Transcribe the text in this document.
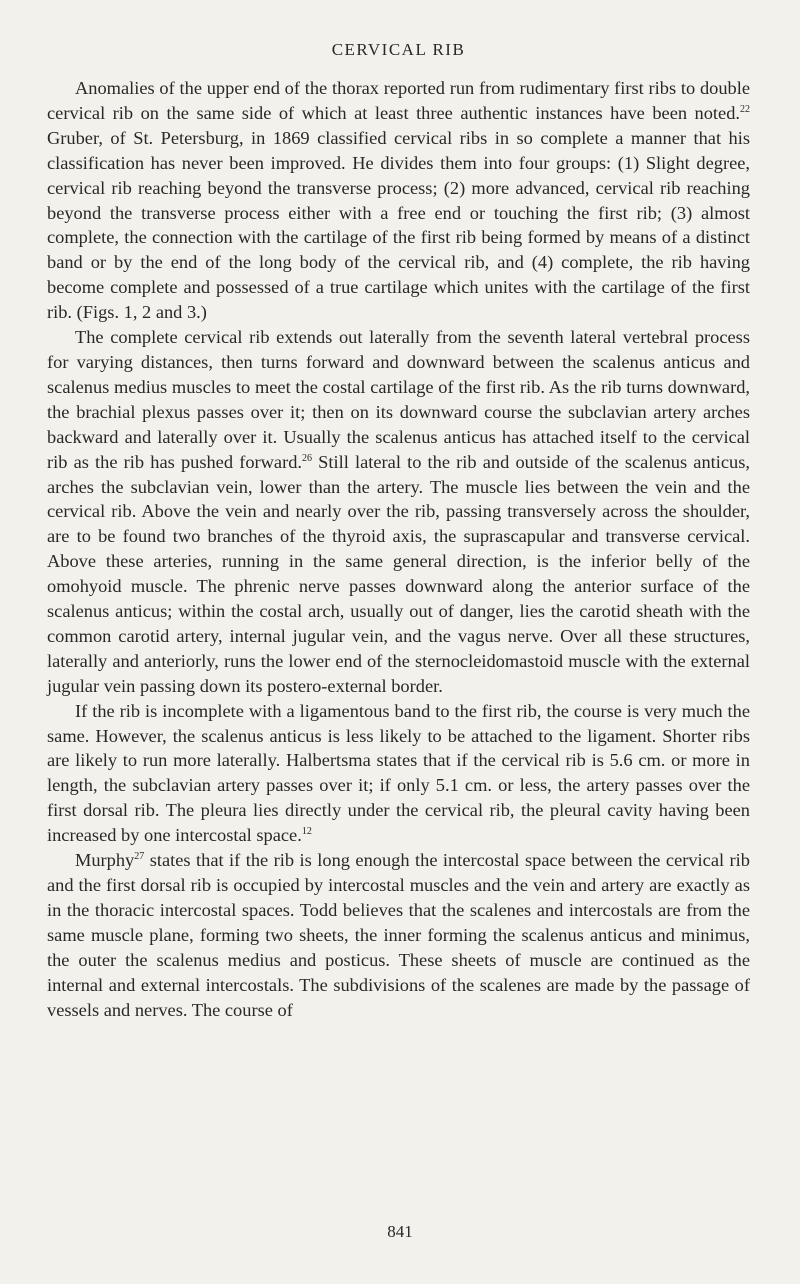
CERVICAL RIB

Anomalies of the upper end of the thorax reported run from rudimentary first ribs to double cervical rib on the same side of which at least three authentic instances have been noted.$^{22}$ Gruber, of St. Petersburg, in 1869 classified cervical ribs in so complete a manner that his classification has never been improved. He divides them into four groups: (1) Slight degree, cervical rib reaching beyond the transverse process; (2) more advanced, cervical rib reaching beyond the transverse process either with a free end or touching the first rib; (3) almost complete, the connection with the cartilage of the first rib being formed by means of a distinct band or by the end of the long body of the cervical rib, and (4) complete, the rib having become complete and possessed of a true cartilage which unites with the cartilage of the first rib. (Figs. 1, 2 and 3.)

The complete cervical rib extends out laterally from the seventh lateral vertebral process for varying distances, then turns forward and downward between the scalenus anticus and scalenus medius muscles to meet the costal cartilage of the first rib. As the rib turns downward, the brachial plexus passes over it; then on its downward course the subclavian artery arches backward and laterally over it. Usually the scalenus anticus has attached itself to the cervical rib as the rib has pushed forward.$^{26}$ Still lateral to the rib and outside of the scalenus anticus, arches the subclavian vein, lower than the artery. The muscle lies between the vein and the cervical rib. Above the vein and nearly over the rib, passing transversely across the shoulder, are to be found two branches of the thyroid axis, the suprascapular and transverse cervical. Above these arteries, running in the same general direction, is the inferior belly of the omohyoid muscle. The phrenic nerve passes downward along the anterior surface of the scalenus anticus; within the costal arch, usually out of danger, lies the carotid sheath with the common carotid artery, internal jugular vein, and the vagus nerve. Over all these structures, laterally and anteriorly, runs the lower end of the sternocleidomastoid muscle with the external jugular vein passing down its postero-external border.

If the rib is incomplete with a ligamentous band to the first rib, the course is very much the same. However, the scalenus anticus is less likely to be attached to the ligament. Shorter ribs are likely to run more laterally. Halbertsma states that if the cervical rib is 5.6 cm. or more in length, the subclavian artery passes over it; if only 5.1 cm. or less, the artery passes over the first dorsal rib. The pleura lies directly under the cervical rib, the pleural cavity having been increased by one intercostal space.$^{12}$

Murphy$^{27}$ states that if the rib is long enough the intercostal space between the cervical rib and the first dorsal rib is occupied by intercostal muscles and the vein and artery are exactly as in the thoracic intercostal spaces. Todd believes that the scalenes and intercostals are from the same muscle plane, forming two sheets, the inner forming the scalenus anticus and minimus, the outer the scalenus medius and posticus. These sheets of muscle are continued as the internal and external intercostals. The subdivisions of the scalenes are made by the passage of vessels and nerves. The course of

841
